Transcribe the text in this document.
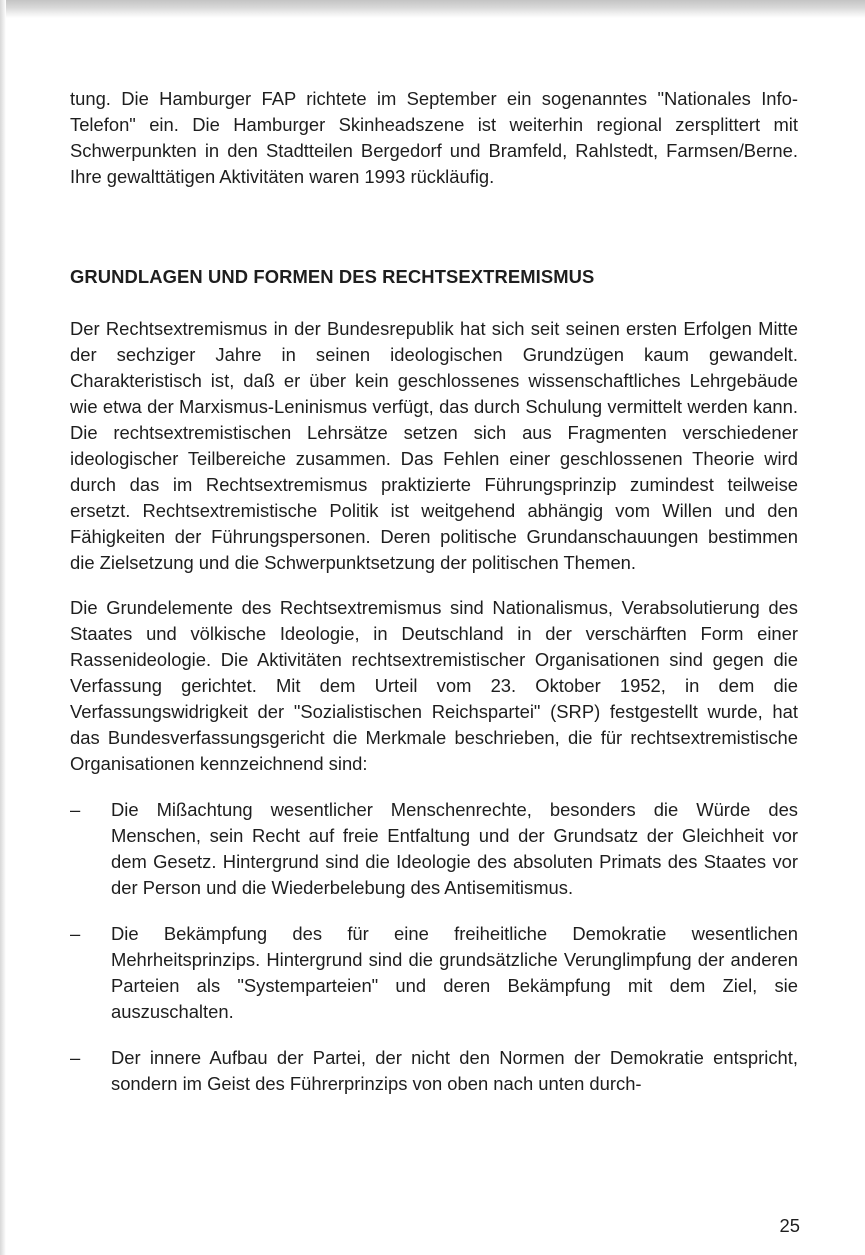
tung. Die Hamburger FAP richtete im September ein sogenanntes "Nationales Info-Telefon" ein. Die Hamburger Skinheadszene ist weiterhin regional zersplittert mit Schwerpunkten in den Stadtteilen Bergedorf und Bramfeld, Rahlstedt, Farmsen/Berne. Ihre gewalttätigen Aktivitäten waren 1993 rückläufig.

GRUNDLAGEN UND FORMEN DES RECHTSEXTREMISMUS

Der Rechtsextremismus in der Bundesrepublik hat sich seit seinen ersten Erfolgen Mitte der sechziger Jahre in seinen ideologischen Grundzügen kaum gewandelt. Charakteristisch ist, daß er über kein geschlossenes wissenschaftliches Lehrgebäude wie etwa der Marxismus-Leninismus verfügt, das durch Schulung vermittelt werden kann. Die rechtsextremistischen Lehrsätze setzen sich aus Fragmenten verschiedener ideologischer Teilbereiche zusammen. Das Fehlen einer geschlossenen Theorie wird durch das im Rechtsextremismus praktizierte Führungsprinzip zumindest teilweise ersetzt. Rechtsextremistische Politik ist weitgehend abhängig vom Willen und den Fähigkeiten der Führungspersonen. Deren politische Grundanschauungen bestimmen die Zielsetzung und die Schwerpunktsetzung der politischen Themen.

Die Grundelemente des Rechtsextremismus sind Nationalismus, Verabsolutierung des Staates und völkische Ideologie, in Deutschland in der verschärften Form einer Rassenideologie. Die Aktivitäten rechtsextremistischer Organisationen sind gegen die Verfassung gerichtet. Mit dem Urteil vom 23. Oktober 1952, in dem die Verfassungswidrigkeit der "Sozialistischen Reichspartei" (SRP) festgestellt wurde, hat das Bundesverfassungsgericht die Merkmale beschrieben, die für rechtsextremistische Organisationen kennzeichnend sind:

–	Die Mißachtung wesentlicher Menschenrechte, besonders die Würde des Menschen, sein Recht auf freie Entfaltung und der Grundsatz der Gleichheit vor dem Gesetz. Hintergrund sind die Ideologie des absoluten Primats des Staates vor der Person und die Wiederbelebung des Antisemitismus.
–	Die Bekämpfung des für eine freiheitliche Demokratie wesentlichen Mehrheitsprinzips. Hintergrund sind die grundsätzliche Verunglimpfung der anderen Parteien als "Systemparteien" und deren Bekämpfung mit dem Ziel, sie auszuschalten.
–	Der innere Aufbau der Partei, der nicht den Normen der Demokratie entspricht, sondern im Geist des Führerprinzips von oben nach unten durch-
25
